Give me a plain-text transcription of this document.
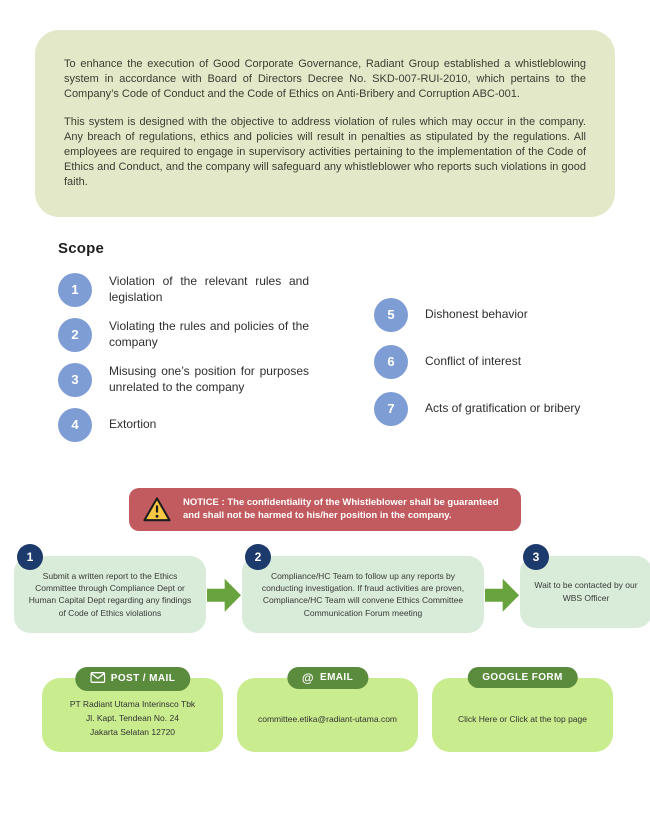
To enhance the execution of Good Corporate Governance, Radiant Group established a whistleblowing system in accordance with Board of Directors Decree No. SKD-007-RUI-2010, which pertains to the Company’s Code of Conduct and the Code of Ethics on Anti-Bribery and Corruption ABC-001.

This system is designed with the objective to address violation of rules which may occur in the company. Any breach of regulations, ethics and policies will result in penalties as stipulated by the regulations. All employees are required to engage in supervisory activities pertaining to the implementation of the Code of Ethics and Conduct, and the company will safeguard any whistleblower who reports such violations in good faith.

Scope
1
Violation of the relevant rules and legislation
2
Violating the rules and policies of the company
3
Misusing one’s position for purposes unrelated to the company
4	Extortion
5	Dishonest behavior
6	Conflict of interest
7	Acts of gratification or bribery
NOTICE : The confidentiality of the Whistleblower shall be guaranteed and shall not be harmed to his/her position in the company.
1
Submit a written report to the Ethics Committee through Compliance Dept or Human Capital Dept regarding any findings of Code of Ethics violations
2
Compliance/HC Team to follow up any reports by conducting investigation. If fraud activities are proven, Compliance/HC Team will convene Ethics Committee Communication Forum meeting
3
Wait to be contacted by our WBS Officer
POST / MAIL
PT Radiant Utama Interinsco Tbk
Jl. Kapt. Tendean No. 24
Jakarta Selatan 12720
@ EMAIL
committee.etika@radiant-utama.com
GOOGLE FORM
Click Here or Click at the top page
